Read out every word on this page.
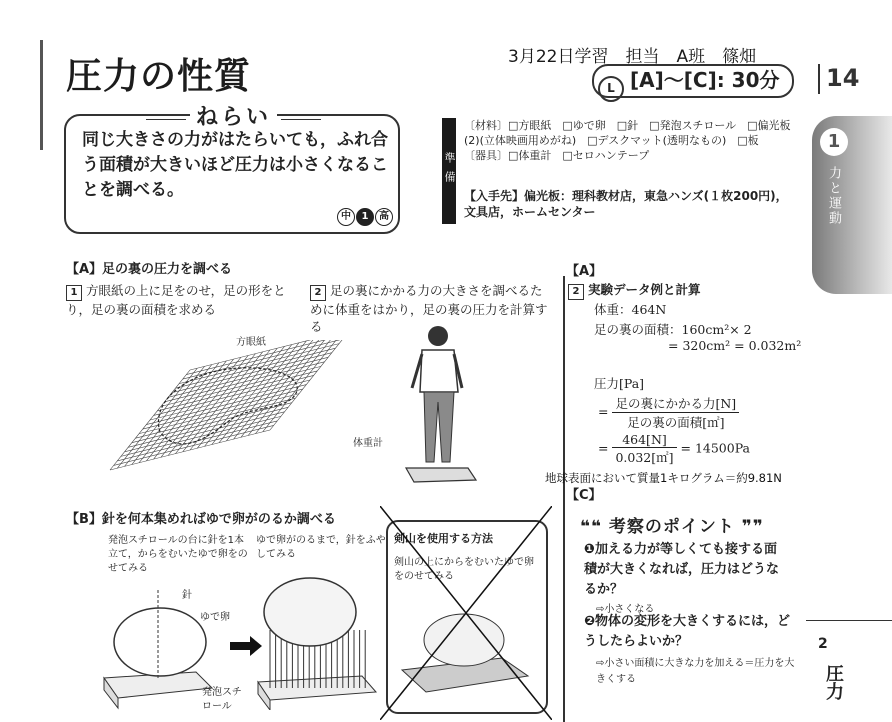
圧力の性質	3月22日学習　担当　A班　篠畑
L [A]〜[C]: 30分	14
ねらい
同じ大きさの力がはたらいても，ふれ合う面積が大きいほど圧力は小さくなることを調べる。
中 1 高
準備
〔材料〕□方眼紙　□ゆで卵　□針　□発泡スチロール　□偏光板(2)(立体映画用めがね)　□デスクマット(透明なもの)　□板
〔器具〕□体重計　□セロハンテープ
【入手先】偏光板：理科教材店，東急ハンズ(１枚200円)，文具店，ホームセンター
1
力と運動
【A】足の裏の圧力を調べる
1 方眼紙の上に足をのせ，足の形をとり，足の裏の面積を求める
2 足の裏にかかる力の大きさを調べるために体重をはかり，足の裏の圧力を計算する
方眼紙
体重計
【A】
2 実験データ例と計算
体重：464N
足の裏の面積：160cm²× 2
= 320cm² = 0.032m²
圧力[Pa]
= $\frac{\text{足の裏にかかる力[N]}}{\text{足の裏の面積[㎡]}}$
= $\frac{464[N]}{0.032[㎡]} = 14500Pa$
地球表面において質量1キログラム＝約9.81N
【C】
❝❝ 考察のポイント ❞❞
❶加える力が等しくても接する面積が大きくなれば，圧力はどうなるか？
⇨小さくなる
❷物体の変形を大きくするには，どうしたらよいか？
⇨小さい面積に大きな力を加える＝圧力を大きくする
2
圧力
【B】針を何本集めればゆで卵がのるか調べる
発泡スチロールの台に針を1本立て，からをむいたゆで卵をのせてみる
ゆで卵がのるまで，針をふやしてみる
針
ゆで卵
発泡スチロール
剣山を使用する方法
剣山の上にからをむいたゆで卵をのせてみる
